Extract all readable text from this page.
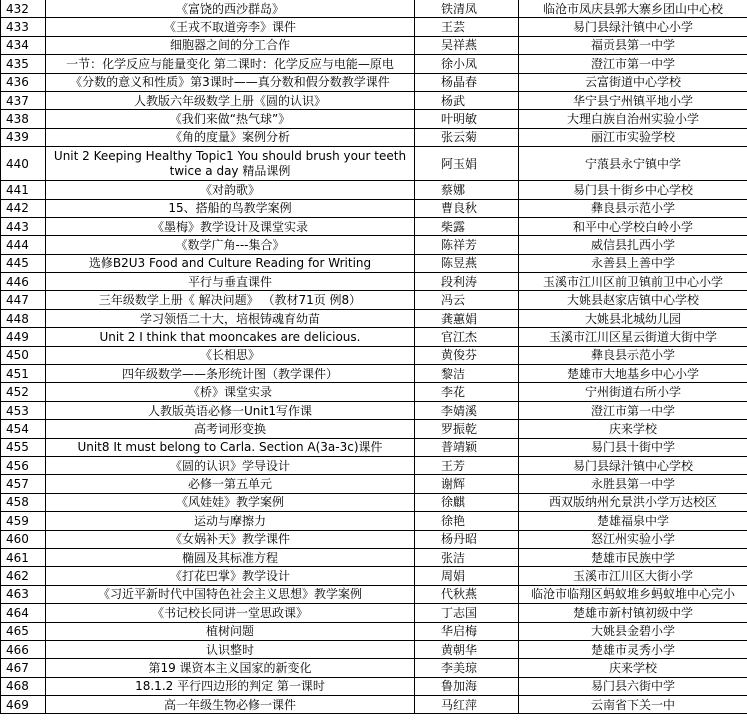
432	《富饶的西沙群岛》	铁清凤	临沧市凤庆县郭大寨乡团山中心校
433	《王戎不取道旁李》课件	王芸	易门县绿汁镇中心小学
434	细胞器之间的分工合作	吴祥燕	福贡县第一中学
435	一节：化学反应与能量变化 第二课时：化学反应与电能—原电	徐小凤	澄江市第一中学
436	《分数的意义和性质》第3课时——真分数和假分数教学课件	杨晶春	云富街道中心学校
437	人教版六年级数学上册《圆的认识》	杨武	华宁县宁州镇平地小学
438	《我们来做“热气球”》	叶明敏	大理白族自治州实验小学
439	《角的度量》案例分析	张云菊	丽江市实验学校
440	Unit 2 Keeping Healthy Topic1 You should brush your teeth twice a day 精品课例	阿玉娟	宁蒗县永宁镇中学
441	《对韵歌》	蔡娜	易门县十街乡中心学校
442	15、搭船的鸟教学案例	曹良秋	彝良县示范小学
443	《墨梅》教学设计及课堂实录	柴露	和平中心学校白岭小学
444	《数学广角---集合》	陈祥芳	威信县扎西小学
445	选修B2U3 Food and Culture Reading for Writing	陈昱燕	永善县上善中学
446	平行与垂直课件	段利涛	玉溪市江川区前卫镇前卫中心小学
447	三年级数学上册《 解决问题》 （教材71页 例8）	冯云	大姚县赵家店镇中心学校
448	学习领悟二十大，培根铸魂育幼苗	龚蕙娟	大姚县北城幼儿园
449	Unit 2 I think that mooncakes are delicious.	官江杰	玉溪市江川区星云街道大街中学
450	《长相思》	黄俊芬	彝良县示范小学
451	四年级数学——条形统计图（教学课件）	黎洁	楚雄市大地基乡中心小学
452	《桥》课堂实录	李花	宁州街道右所小学
453	人教版英语必修一Unit1写作课	李婧溪	澄江市第一中学
454	高考词形变换	罗振乾	庆来学校
455	Unit8 It must belong to Carla. Section A(3a-3c)课件	普靖颖	易门县十街中学
456	《圆的认识》学导设计	王芳	易门县绿汁镇中心学校
457	必修一第五单元	谢辉	永胜县第一中学
458	《风娃娃》教学案例	徐麒	西双版纳州允景洪小学万达校区
459	运动与摩擦力	徐艳	楚雄福泉中学
460	《女娲补天》教学课件	杨丹昭	怒江州实验小学
461	椭圆及其标准方程	张洁	楚雄市民族中学
462	《打花巴掌》教学设计	周娟	玉溪市江川区大街小学
463	《习近平新时代中国特色社会主义思想》教学案例	代秋燕	临沧市临翔区蚂蚁堆乡蚂蚁堆中心完小
464	《书记校长同讲一堂思政课》	丁志国	楚雄市新村镇初级中学
465	植树问题	华启梅	大姚县金碧小学
466	认识整时	黄朝华	楚雄市灵秀小学
467	第19 课资本主义国家的新变化	李美琼	庆来学校
468	18.1.2 平行四边形的判定 第一课时	鲁加海	易门县六街中学
469	高一年级生物必修一课件	马红萍	云南省下关一中
